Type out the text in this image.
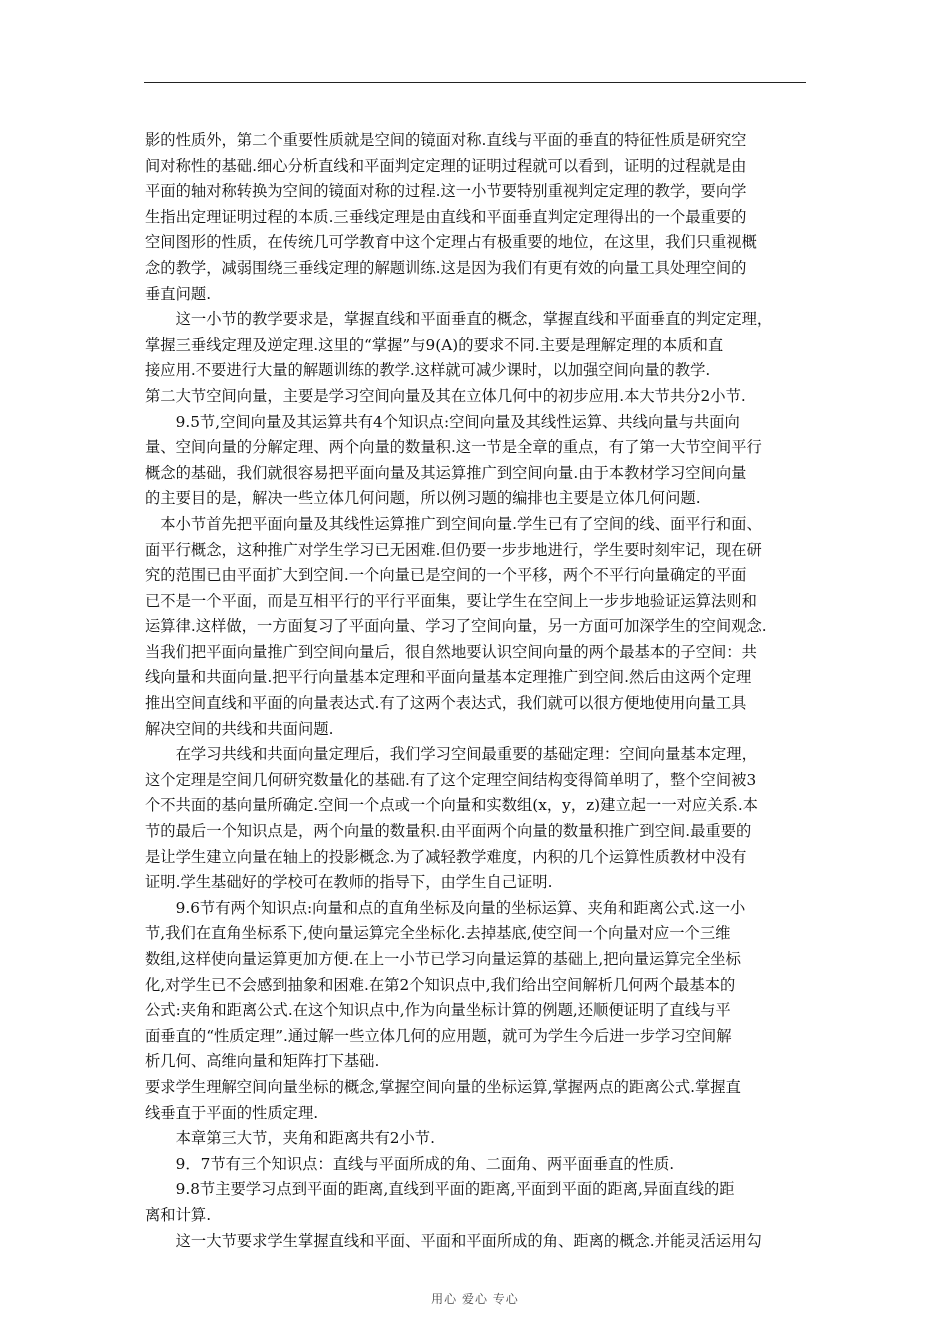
影的性质外，第二个重要性质就是空间的镜面对称.直线与平面的垂直的特征性质是研究空
间对称性的基础.细心分析直线和平面判定定理的证明过程就可以看到，证明的过程就是由
平面的轴对称转换为空间的镜面对称的过程.这一小节要特别重视判定定理的教学，要向学
生指出定理证明过程的本质.三垂线定理是由直线和平面垂直判定定理得出的一个最重要的
空间图形的性质，在传统几可学教育中这个定理占有极重要的地位，在这里，我们只重视概
念的教学，减弱围绕三垂线定理的解题训练.这是因为我们有更有效的向量工具处理空间的
垂直问题.
　　这一小节的教学要求是，掌握直线和平面垂直的概念，掌握直线和平面垂直的判定定理，
掌握三垂线定理及逆定理.这里的“掌握”与9(A)的要求不同.主要是理解定理的本质和直
接应用.不要进行大量的解题训练的教学.这样就可减少课时，以加强空间向量的教学.
第二大节空间向量，主要是学习空间向量及其在立体几何中的初步应用.本大节共分2小节.
　　9.5节,空间向量及其运算共有4个知识点:空间向量及其线性运算、共线向量与共面向
量、空间向量的分解定理、两个向量的数量积.这一节是全章的重点，有了第一大节空间平行
概念的基础，我们就很容易把平面向量及其运算推广到空间向量.由于本教材学习空间向量
的主要目的是，解决一些立体几何问题，所以例习题的编排也主要是立体几何问题.
　本小节首先把平面向量及其线性运算推广到空间向量.学生已有了空间的线、面平行和面、
面平行概念，这种推广对学生学习已无困难.但仍要一步步地进行，学生要时刻牢记，现在研
究的范围已由平面扩大到空间.一个向量已是空间的一个平移，两个不平行向量确定的平面
已不是一个平面，而是互相平行的平行平面集，要让学生在空间上一步步地验证运算法则和
运算律.这样做，一方面复习了平面向量、学习了空间向量，另一方面可加深学生的空间观念.
当我们把平面向量推广到空间向量后，很自然地要认识空间向量的两个最基本的子空间：共
线向量和共面向量.把平行向量基本定理和平面向量基本定理推广到空间.然后由这两个定理
推出空间直线和平面的向量表达式.有了这两个表达式，我们就可以很方便地使用向量工具
解决空间的共线和共面问题.
　　在学习共线和共面向量定理后，我们学习空间最重要的基础定理：空间向量基本定理，
这个定理是空间几何研究数量化的基础.有了这个定理空间结构变得简单明了，整个空间被3
个不共面的基向量所确定.空间一个点或一个向量和实数组(x，y，z)建立起一一对应关系.本
节的最后一个知识点是，两个向量的数量积.由平面两个向量的数量积推广到空间.最重要的
是让学生建立向量在轴上的投影概念.为了减轻教学难度，内积的几个运算性质教材中没有
证明.学生基础好的学校可在教师的指导下，由学生自己证明.
　　9.6节有两个知识点:向量和点的直角坐标及向量的坐标运算、夹角和距离公式.这一小
节,我们在直角坐标系下,使向量运算完全坐标化.去掉基底,使空间一个向量对应一个三维
数组,这样使向量运算更加方便.在上一小节已学习向量运算的基础上,把向量运算完全坐标
化,对学生已不会感到抽象和困难.在第2个知识点中,我们给出空间解析几何两个最基本的
公式:夹角和距离公式.在这个知识点中,作为向量坐标计算的例题,还顺便证明了直线与平
面垂直的“性质定理”.通过解一些立体几何的应用题，就可为学生今后进一步学习空间解
析几何、高维向量和矩阵打下基础.
要求学生理解空间向量坐标的概念,掌握空间向量的坐标运算,掌握两点的距离公式.掌握直
线垂直于平面的性质定理.
　　本章第三大节，夹角和距离共有2小节.
　　9．7节有三个知识点：直线与平面所成的角、二面角、两平面垂直的性质.
　　9.8节主要学习点到平面的距离,直线到平面的距离,平面到平面的距离,异面直线的距
离和计算.
　　这一大节要求学生掌握直线和平面、平面和平面所成的角、距离的概念.并能灵活运用勾
用心 爱心 专心
